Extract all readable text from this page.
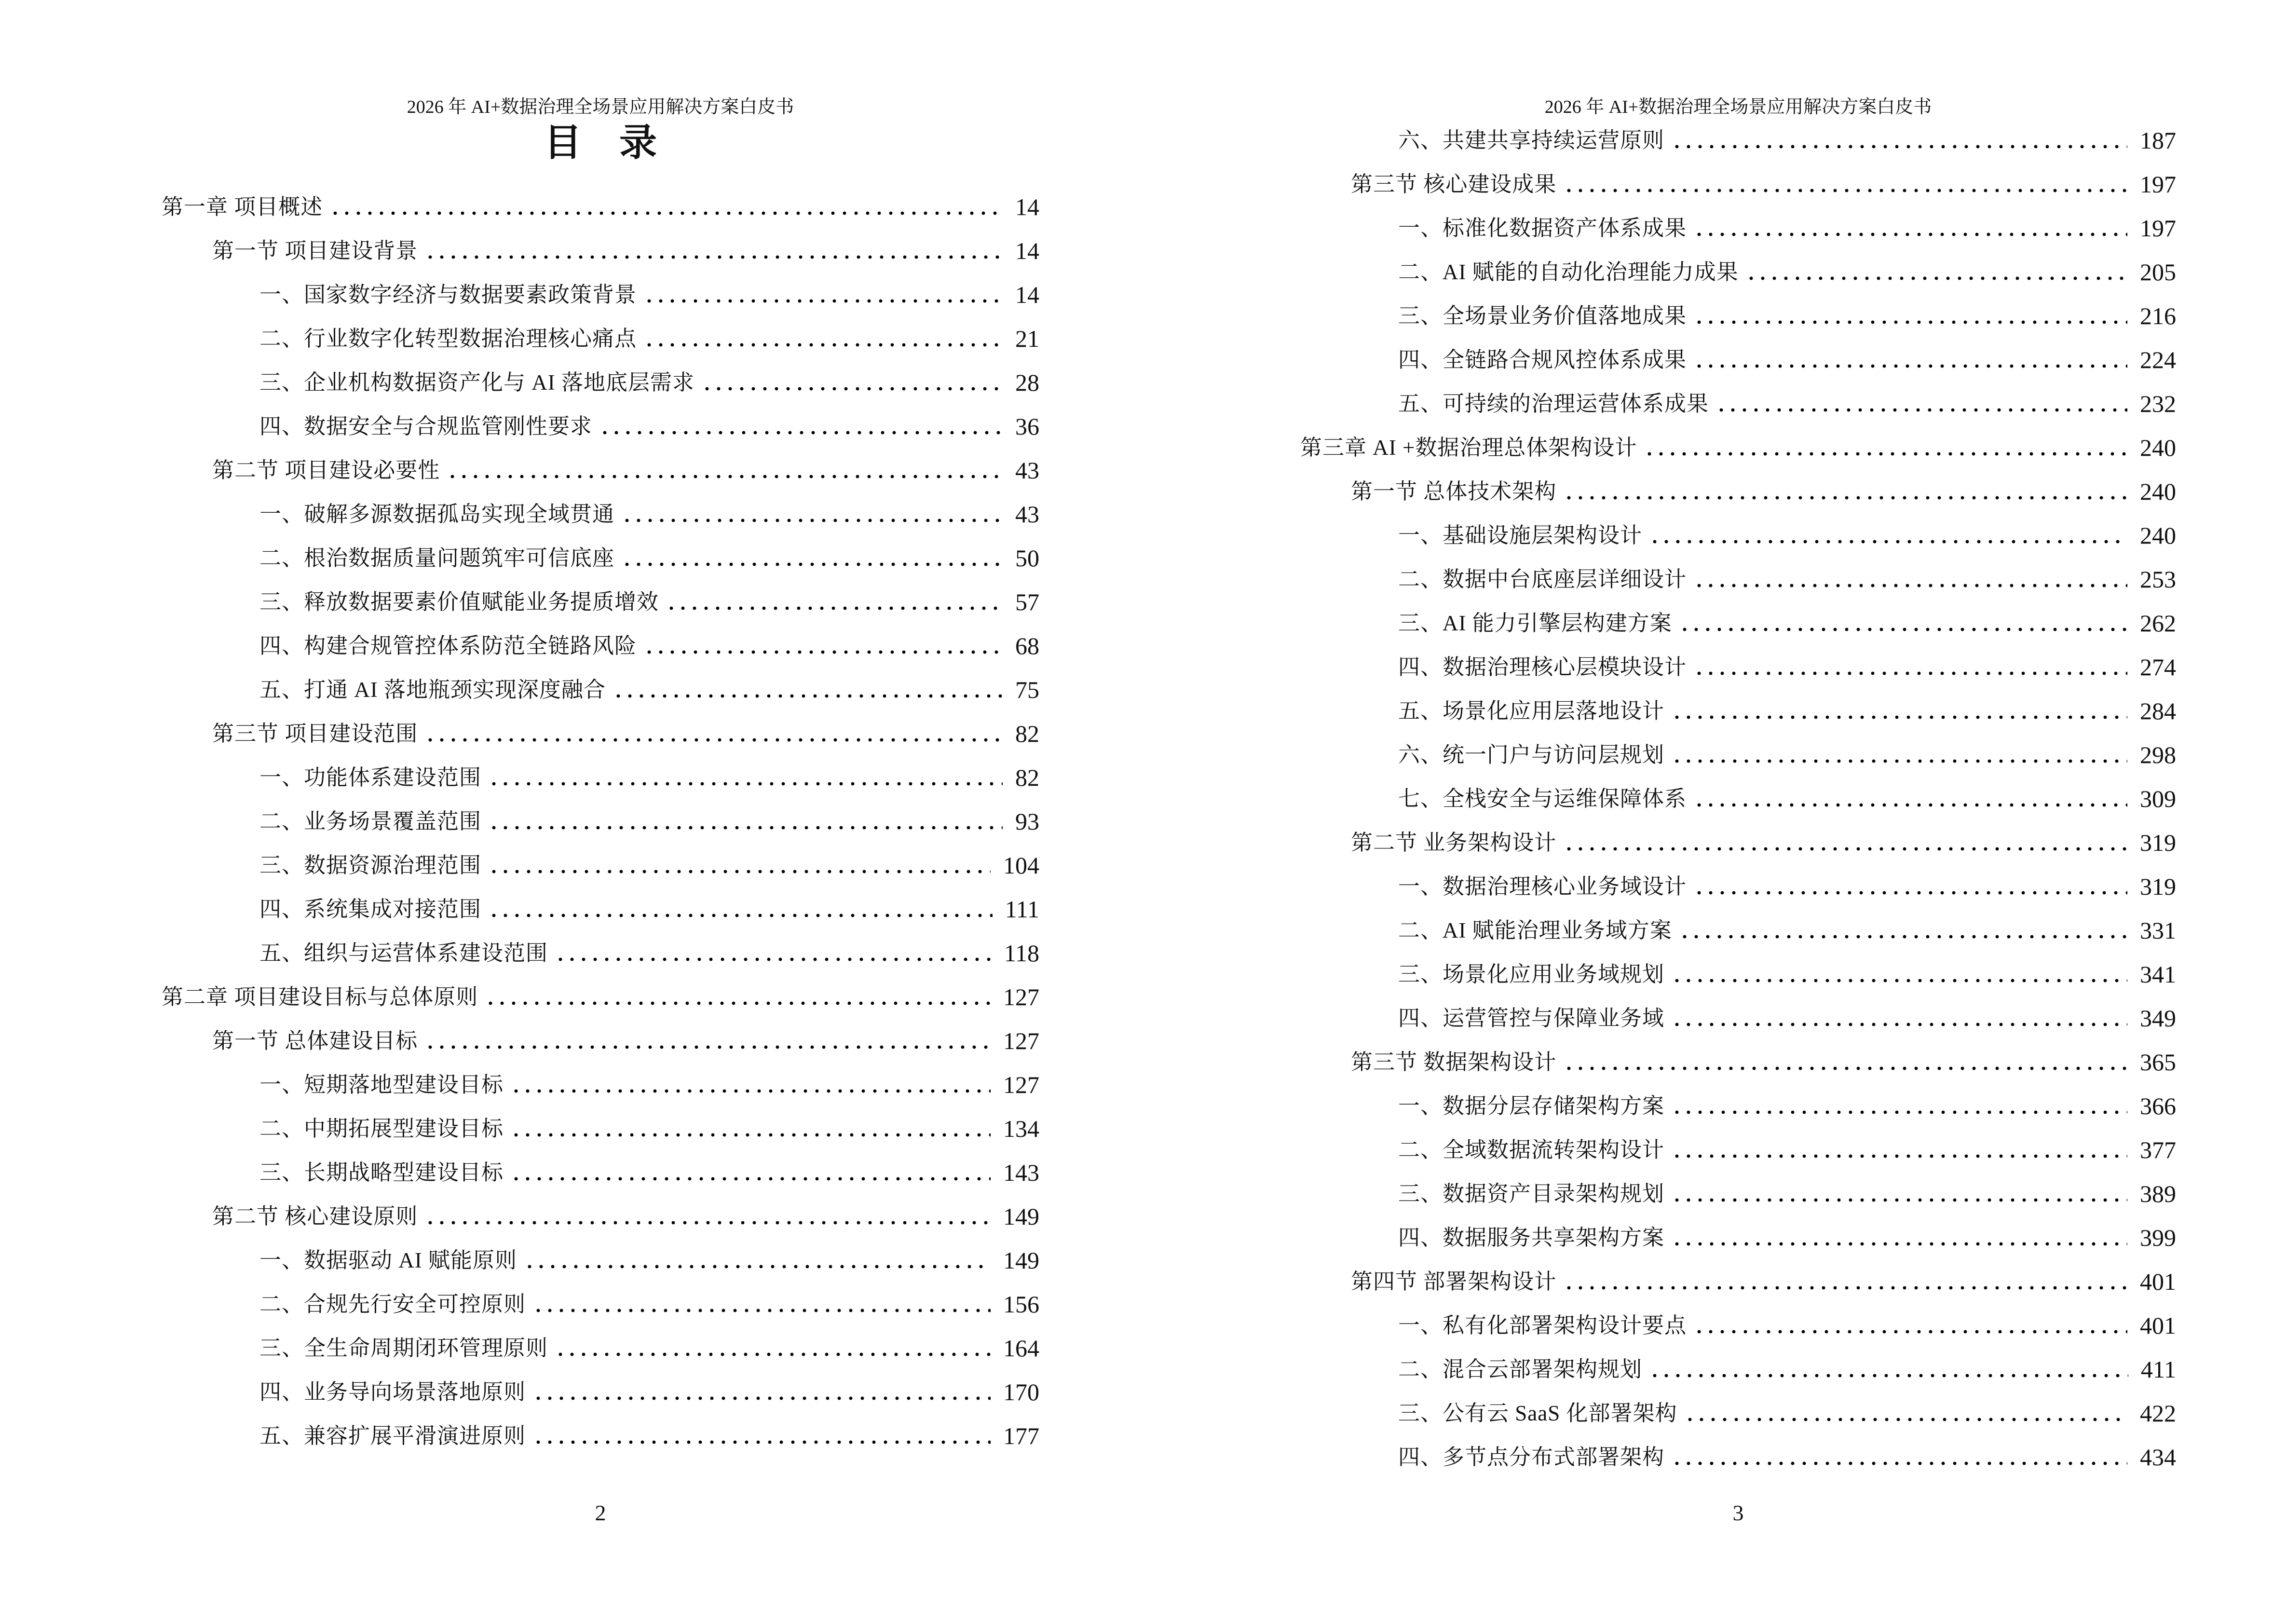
2026 年 AI+数据治理全场景应用解决方案白皮书
目　录
第一章 项目概述	14
第一节 项目建设背景	14
一、国家数字经济与数据要素政策背景	14
二、行业数字化转型数据治理核心痛点	21
三、企业机构数据资产化与 AI 落地底层需求	28
四、数据安全与合规监管刚性要求	36
第二节 项目建设必要性	43
一、破解多源数据孤岛实现全域贯通	43
二、根治数据质量问题筑牢可信底座	50
三、释放数据要素价值赋能业务提质增效	57
四、构建合规管控体系防范全链路风险	68
五、打通 AI 落地瓶颈实现深度融合	75
第三节 项目建设范围	82
一、功能体系建设范围	82
二、业务场景覆盖范围	93
三、数据资源治理范围	104
四、系统集成对接范围	111
五、组织与运营体系建设范围	118
第二章 项目建设目标与总体原则	127
第一节 总体建设目标	127
一、短期落地型建设目标	127
二、中期拓展型建设目标	134
三、长期战略型建设目标	143
第二节 核心建设原则	149
一、数据驱动 AI 赋能原则	149
二、合规先行安全可控原则	156
三、全生命周期闭环管理原则	164
四、业务导向场景落地原则	170
五、兼容扩展平滑演进原则	177
2
2026 年 AI+数据治理全场景应用解决方案白皮书
六、共建共享持续运营原则	187
第三节 核心建设成果	197
一、标准化数据资产体系成果	197
二、AI 赋能的自动化治理能力成果	205
三、全场景业务价值落地成果	216
四、全链路合规风控体系成果	224
五、可持续的治理运营体系成果	232
第三章 AI +数据治理总体架构设计	240
第一节 总体技术架构	240
一、基础设施层架构设计	240
二、数据中台底座层详细设计	253
三、AI 能力引擎层构建方案	262
四、数据治理核心层模块设计	274
五、场景化应用层落地设计	284
六、统一门户与访问层规划	298
七、全栈安全与运维保障体系	309
第二节 业务架构设计	319
一、数据治理核心业务域设计	319
二、AI 赋能治理业务域方案	331
三、场景化应用业务域规划	341
四、运营管控与保障业务域	349
第三节 数据架构设计	365
一、数据分层存储架构方案	366
二、全域数据流转架构设计	377
三、数据资产目录架构规划	389
四、数据服务共享架构方案	399
第四节 部署架构设计	401
一、私有化部署架构设计要点	401
二、混合云部署架构规划	411
三、公有云 SaaS 化部署架构	422
四、多节点分布式部署架构	434
3
